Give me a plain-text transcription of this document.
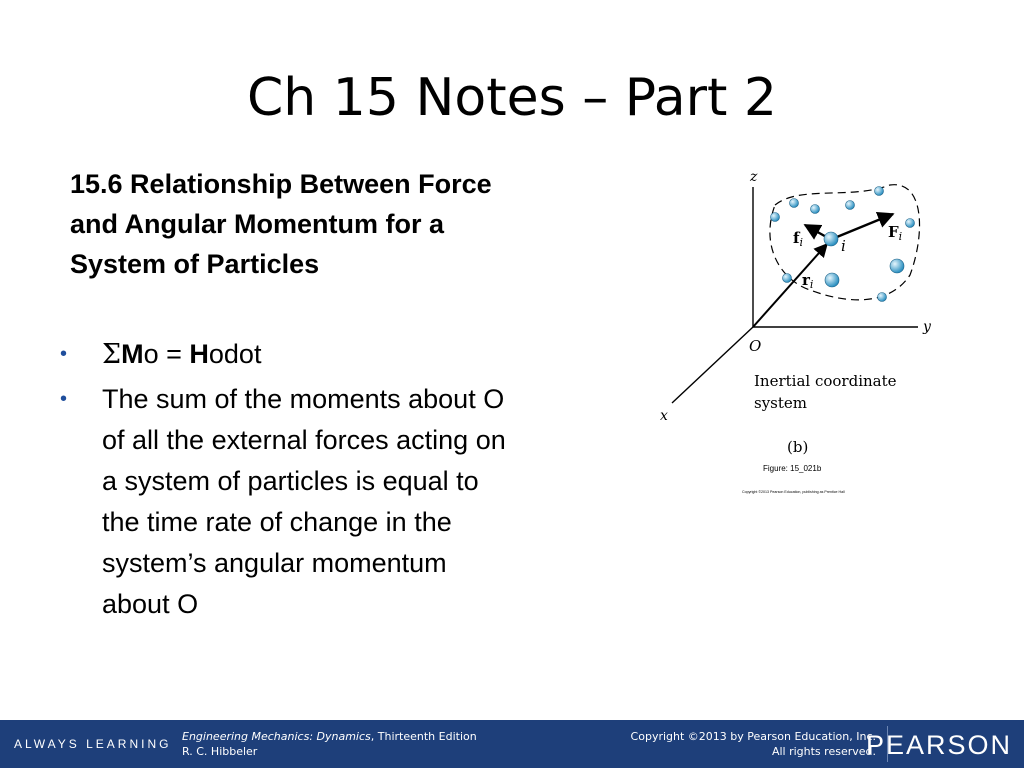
Ch 15 Notes – Part 2
15.6 Relationship Between Force and Angular Momentum for a System of Particles
• ΣMo = Hodot
• The sum of the moments about O of all the external forces acting on a system of particles is equal to the time rate of change in the system’s angular momentum about O
z
y
x
O
$f_i$
$F_i$
i
$r_i$
Inertial coordinate
system
(b)
Figure: 15_021b
Copyright ©2013 Pearson Education, publishing as Prentice Hall
ALWAYS LEARNING
Engineering Mechanics: Dynamics, Thirteenth Edition
R. C. Hibbeler
Copyright ©2013 by Pearson Education, Inc.
All rights reserved.
PEARSON
